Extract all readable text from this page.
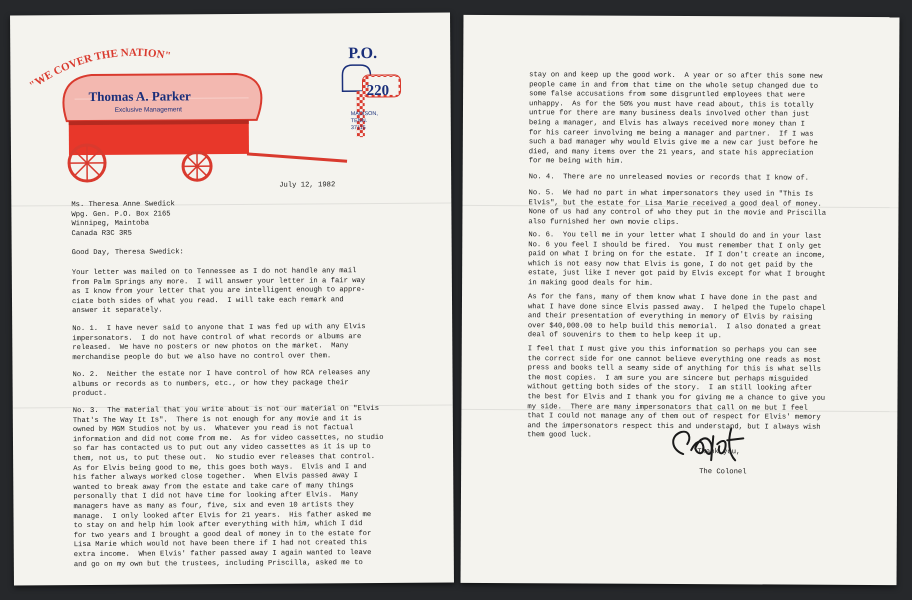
"WE COVER THE NATION"
Thomas A. Parker
Exclusive Management
P.O.
220
MADISON,
TENN.
37115
July 12, 1982
Ms. Theresa Anne Swedick
Wpg. Gen. P.O. Box 2165
Winnipeg, Maintoba
Canada R3C 3R5
Good Day, Theresa Swedick:
Your letter was mailed on to Tennessee as I do not handle any mail
from Palm Springs any more.  I will answer your letter in a fair way
as I know from your letter that you are intelligent enough to appre-
ciate both sides of what you read.  I will take each remark and
answer it separately.
No. 1.  I have never said to anyone that I was fed up with any Elvis
impersonators.  I do not have control of what records or albums are
released.  We have no posters or new photos on the market.  Many
merchandise people do but we also have no control over them.
No. 2.  Neither the estate nor I have control of how RCA releases any
albums or records as to numbers, etc., or how they package their
product.
No. 3.  The material that you write about is not our material on "Elvis
That's The Way It Is".  There is not enough for any movie and it is
owned by MGM Studios not by us.  Whatever you read is not factual
information and did not come from me.  As for video cassettes, no studio
so far has contacted us to put out any video cassettes as it is up to
them, not us, to put these out.  No studio ever releases that control.
As for Elvis being good to me, this goes both ways.  Elvis and I and
his father always worked close together.  When Elvis passed away I
wanted to break away from the estate and take care of many things
personally that I did not have time for looking after Elvis.  Many
managers have as many as four, five, six and even 10 artists they
manage.  I only looked after Elvis for 21 years.  His father asked me
to stay on and help him look after everything with him, which I did
for two years and I brought a good deal of money in to the estate for
Lisa Marie which would not have been there if I had not created this
extra income.  When Elvis' father passed away I again wanted to leave
and go on my own but the trustees, including Priscilla, asked me to
stay on and keep up the good work.  A year or so after this some new
people came in and from that time on the whole setup changed due to
some false accusations from some disgruntled employees that were
unhappy.  As for the 50% you must have read about, this is totally
untrue for there are many business deals involved other than just
being a manager, and Elvis has always received more money than I
for his career involving me being a manager and partner.  If I was
such a bad manager why would Elvis give me a new car just before he
died, and many items over the 21 years, and state his appreciation
for me being with him.
No. 4.  There are no unreleased movies or records that I know of.
No. 5.  We had no part in what impersonators they used in "This Is
Elvis", but the estate for Lisa Marie received a good deal of money.
None of us had any control of who they put in the movie and Priscilla
also furnished her own movie clips.
No. 6.  You tell me in your letter what I should do and in your last
No. 6 you feel I should be fired.  You must remember that I only get
paid on what I bring on for the estate.  If I don't create an income,
which is not easy now that Elvis is gone, I do not get paid by the
estate, just like I never got paid by Elvis except for what I brought
in making good deals for him.
As for the fans, many of them know what I have done in the past and
what I have done since Elvis passed away.  I helped the Tupelo chapel
and their presentation of everything in memory of Elvis by raising
over $40,000.00 to help build this memorial.  I also donated a great
deal of souvenirs to them to help keep it up.
I feel that I must give you this information so perhaps you can see
the correct side for one cannot believe everything one reads as most
press and books tell a seamy side of anything for this is what sells
the most copies.  I am sure you are sincere but perhaps misguided
without getting both sides of the story.  I am still looking after
the best for Elvis and I thank you for giving me a chance to give you
my side.  There are many impersonators that call on me but I feel
that I could not manage any of them out of respect for Elvis' memory
and the impersonators respect this and understand, but I always wish
them good luck.
Thank you,
The Colonel
